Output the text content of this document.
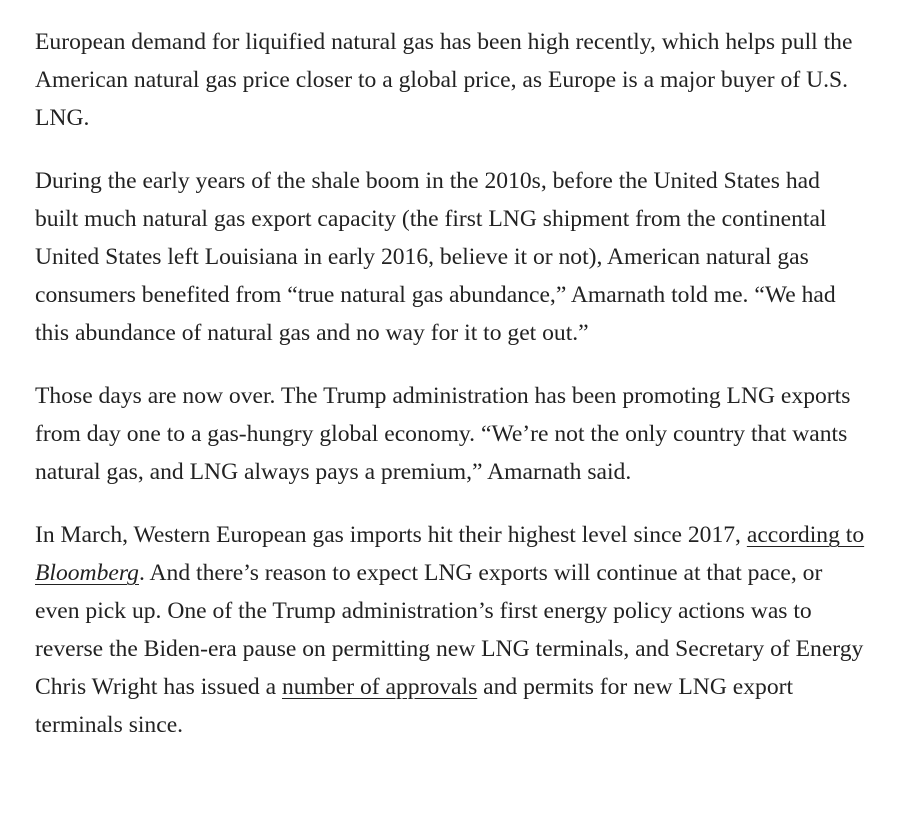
European demand for liquified natural gas has been high recently, which helps pull the American natural gas price closer to a global price, as Europe is a major buyer of U.S. LNG.

During the early years of the shale boom in the 2010s, before the United States had built much natural gas export capacity (the first LNG shipment from the continental United States left Louisiana in early 2016, believe it or not), American natural gas consumers benefited from “true natural gas abundance,” Amarnath told me. “We had this abundance of natural gas and no way for it to get out.”

Those days are now over. The Trump administration has been promoting LNG exports from day one to a gas-hungry global economy. “We’re not the only country that wants natural gas, and LNG always pays a premium,” Amarnath said.

In March, Western European gas imports hit their highest level since 2017, according to Bloomberg. And there’s reason to expect LNG exports will continue at that pace, or even pick up. One of the Trump administration’s first energy policy actions was to reverse the Biden-era pause on permitting new LNG terminals, and Secretary of Energy Chris Wright has issued a number of approvals and permits for new LNG export terminals since.
